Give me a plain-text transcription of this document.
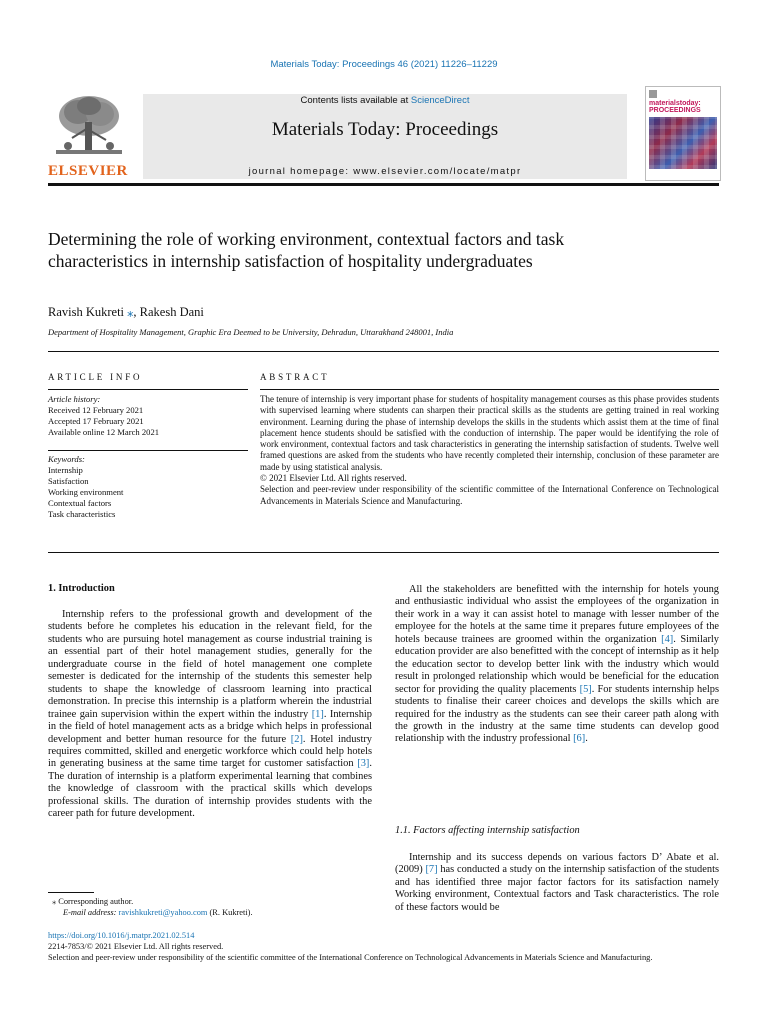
Materials Today: Proceedings 46 (2021) 11226–11229
ELSEVIER
Contents lists available at ScienceDirect
Materials Today: Proceedings
journal homepage: www.elsevier.com/locate/matpr
materialstoday: PROCEEDINGS
Determining the role of working environment, contextual factors and task characteristics in internship satisfaction of hospitality undergraduates
Ravish Kukreti ⁎, Rakesh Dani
Department of Hospitality Management, Graphic Era Deemed to be University, Dehradun, Uttarakhand 248001, India
ARTICLE INFO
Article history:
Received 12 February 2021
Accepted 17 February 2021
Available online 12 March 2021
Keywords:
Internship
Satisfaction
Working environment
Contextual factors
Task characteristics
ABSTRACT

The tenure of internship is very important phase for students of hospitality management courses as this phase provides students with supervised learning where students can sharpen their practical skills as the students are getting trained in real working environment. Learning during the phase of internship develops the skills in the students which assist them at the time of final placement hence students should be satisfied with the conduction of internship. The paper would be identifying the role of work environment, contextual factors and task characteristics in generating the internship satisfaction of students. Twelve well framed questions are asked from the students who have recently completed their internship, conclusion of these parameter are made by using statistical analysis.

© 2021 Elsevier Ltd. All rights reserved.

Selection and peer-review under responsibility of the scientific committee of the International Conference on Technological Advancements in Materials Science and Manufacturing.

1. Introduction

Internship refers to the professional growth and development of the students before he completes his education in the relevant field, for the students who are pursuing hotel management as course industrial training is an essential part of their hotel management studies, generally for the undergraduate course in the field of hotel management one complete semester is dedicated for the internship of the students this semester help students to shape the knowledge of classroom learning into practical demonstration. In precise this internship is a platform wherein the industrial trainee gain supervision within the expert within the industry [1]. Internship in the field of hotel management acts as a bridge which helps in professional development and better human resource for the future [2]. Hotel industry requires committed, skilled and energetic workforce which could help hotels in generating business at the same time target for customer satisfaction [3]. The duration of internship is a platform experimental learning that combines the knowledge of classroom with the practical skills which develops professional skills. The duration of internship provides students with the career path for future development.

All the stakeholders are benefitted with the internship for hotels young and enthusiastic individual who assist the employees of the organization in their work in a way it can assist hotel to manage with lesser number of the employee for the hotels at the same time it prepares future employees of the hotels because trainees are groomed within the organization [4]. Similarly education provider are also benefitted with the concept of internship as it help the education sector to develop better link with the industry which would result in prolonged relationship which would be beneficial for the education sector for providing the quality placements [5]. For students internship helps students to finalise their career choices and develops the skills which are required for the industry as the students can see their career path along with the growth in the industry at the same time students can develop good relationship with the industry professional [6].

1.1. Factors affecting internship satisfaction

Internship and its success depends on various factors D’ Abate et al. (2009) [7] has conducted a study on the internship satisfaction of the students and has identified three major factor factors for its satisfaction namely Working environment, Contextual factors and Task characteristics. The role of these factors would be

⁎ Corresponding author.
E-mail address: ravishkukreti@yahoo.com (R. Kukreti).
https://doi.org/10.1016/j.matpr.2021.02.514
2214-7853/© 2021 Elsevier Ltd. All rights reserved.
Selection and peer-review under responsibility of the scientific committee of the International Conference on Technological Advancements in Materials Science and Manufacturing.
